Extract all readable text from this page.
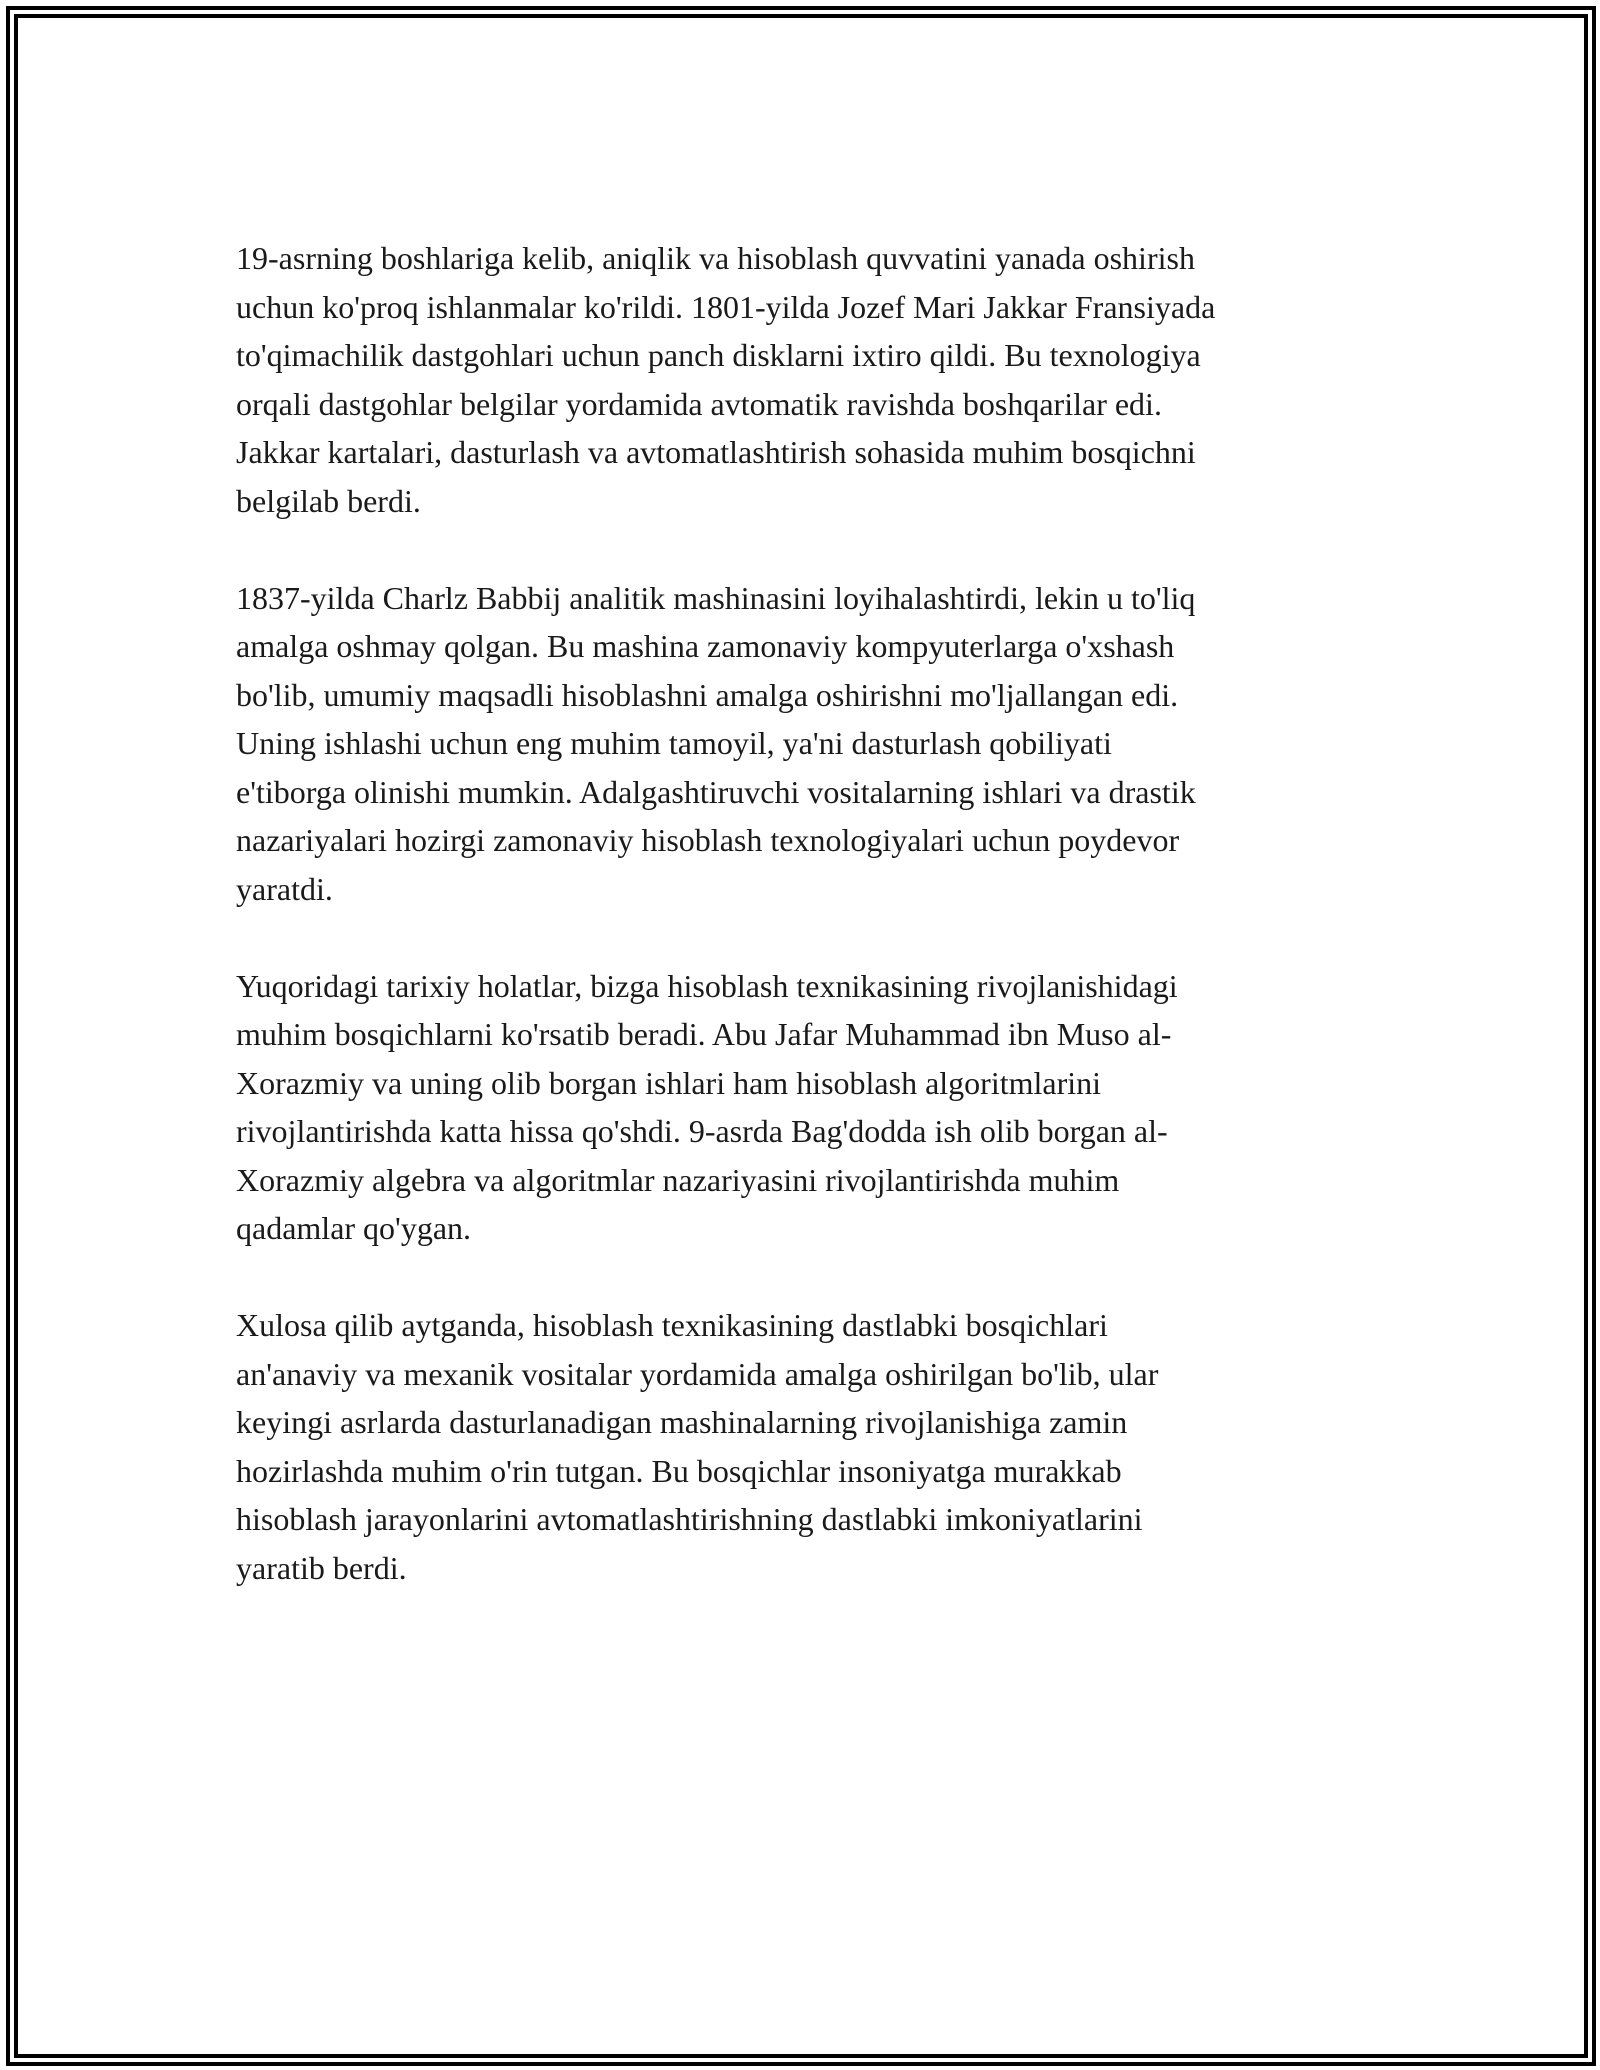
19-asrning boshlariga kelib, aniqlik va hisoblash quvvatini yanada oshirish
uchun ko'proq ishlanmalar ko'rildi. 1801-yilda Jozef Mari Jakkar Fransiyada
to'qimachilik dastgohlari uchun panch disklarni ixtiro qildi. Bu texnologiya
orqali dastgohlar belgilar yordamida avtomatik ravishda boshqarilar edi.
Jakkar kartalari, dasturlash va avtomatlashtirish sohasida muhim bosqichni
belgilab berdi.

1837-yilda Charlz Babbij analitik mashinasini loyihalashtirdi, lekin u to'liq
amalga oshmay qolgan. Bu mashina zamonaviy kompyuterlarga o'xshash
bo'lib, umumiy maqsadli hisoblashni amalga oshirishni mo'ljallangan edi.
Uning ishlashi uchun eng muhim tamoyil, ya'ni dasturlash qobiliyati
e'tiborga olinishi mumkin. Adalgashtiruvchi vositalarning ishlari va drastik
nazariyalari hozirgi zamonaviy hisoblash texnologiyalari uchun poydevor
yaratdi.

Yuqoridagi tarixiy holatlar, bizga hisoblash texnikasining rivojlanishidagi
muhim bosqichlarni ko'rsatib beradi. Abu Jafar Muhammad ibn Muso al-
Xorazmiy va uning olib borgan ishlari ham hisoblash algoritmlarini
rivojlantirishda katta hissa qo'shdi. 9-asrda Bag'dodda ish olib borgan al-
Xorazmiy algebra va algoritmlar nazariyasini rivojlantirishda muhim
qadamlar qo'ygan.

Xulosa qilib aytganda, hisoblash texnikasining dastlabki bosqichlari
an'anaviy va mexanik vositalar yordamida amalga oshirilgan bo'lib, ular
keyingi asrlarda dasturlanadigan mashinalarning rivojlanishiga zamin
hozirlashda muhim o'rin tutgan. Bu bosqichlar insoniyatga murakkab
hisoblash jarayonlarini avtomatlashtirishning dastlabki imkoniyatlarini
yaratib berdi.
